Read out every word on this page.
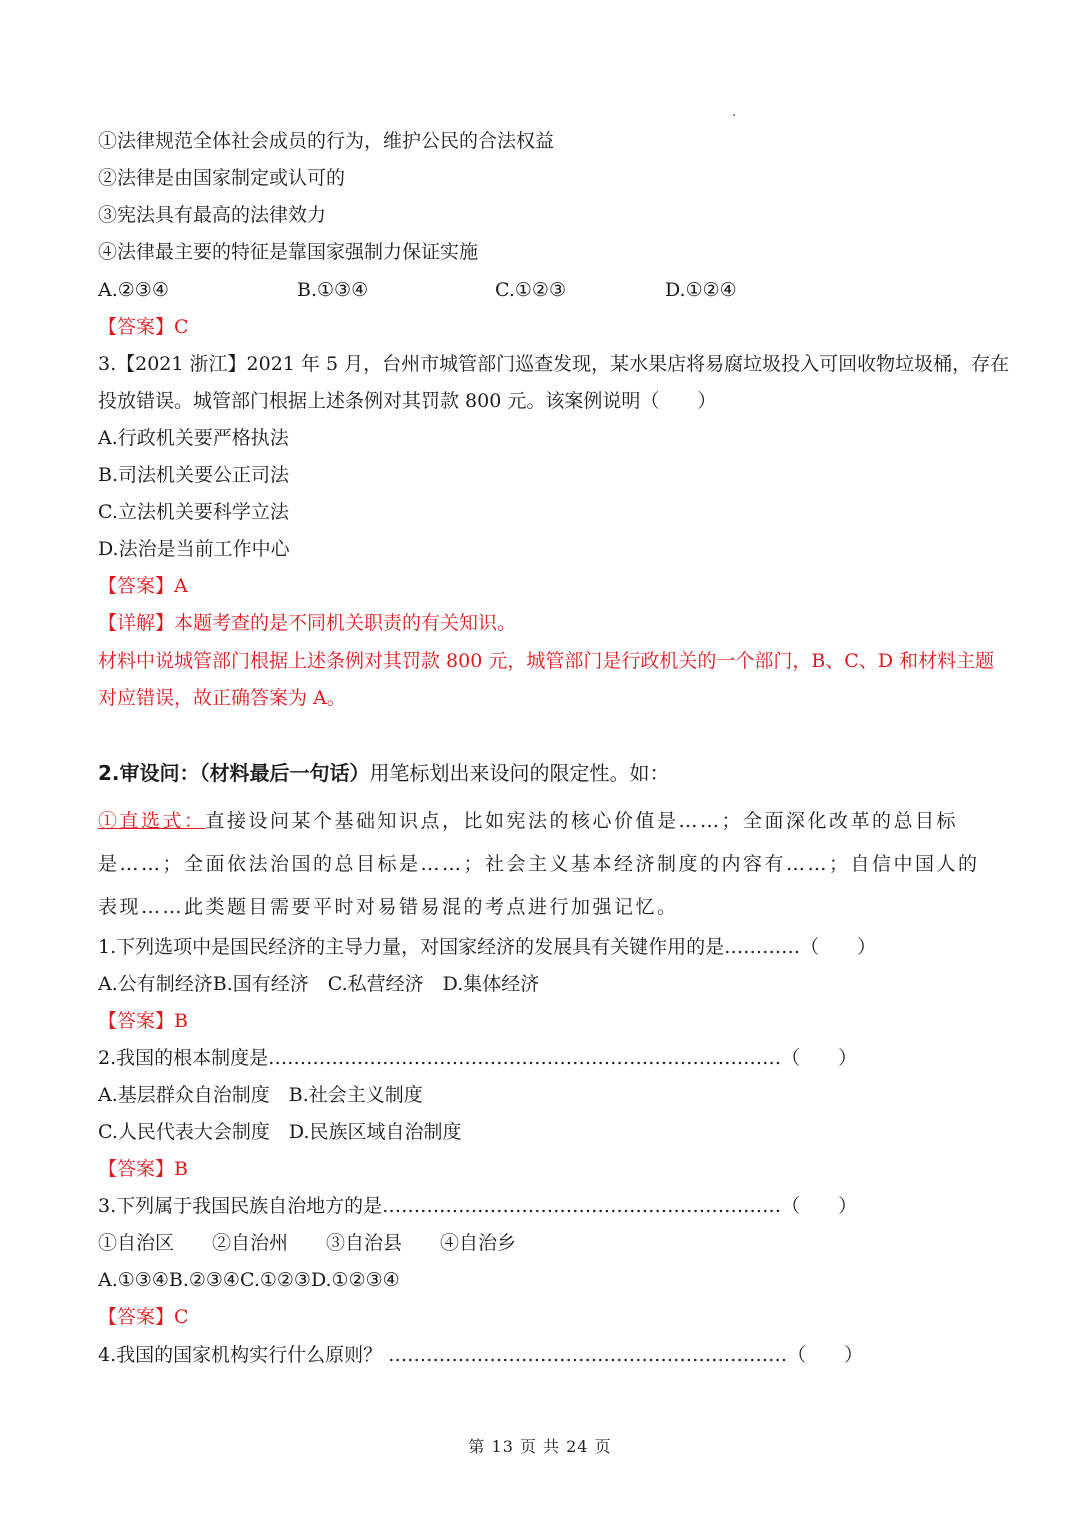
①法律规范全体社会成员的行为，维护公民的合法权益
②法律是由国家制定或认可的
③宪法具有最高的法律效力
④法律最主要的特征是靠国家强制力保证实施
A.②③④	B.①③④	C.①②③	D.①②④
【答案】C
3.【2021 浙江】2021 年 5 月，台州市城管部门巡查发现，某水果店将易腐垃圾投入可回收物垃圾桶，存在
投放错误。城管部门根据上述条例对其罚款 800 元。该案例说明（　　）
A.行政机关要严格执法
B.司法机关要公正司法
C.立法机关要科学立法
D.法治是当前工作中心
【答案】A
【详解】本题考查的是不同机关职责的有关知识。
材料中说城管部门根据上述条例对其罚款 800 元，城管部门是行政机关的一个部门，B、C、D 和材料主题
对应错误，故正确答案为 A。
2.审设问：（材料最后一句话）用笔标划出来设问的限定性。如：
①直选式：直接设问某个基础知识点，比如宪法的核心价值是……；全面深化改革的总目标
是……；全面依法治国的总目标是……；社会主义基本经济制度的内容有……；自信中国人的
表现……此类题目需要平时对易错易混的考点进行加强记忆。
1.下列选项中是国民经济的主导力量，对国家经济的发展具有关键作用的是…………（　　）
A.公有制经济B.国有经济　C.私营经济　D.集体经济
【答案】B
2.我国的根本制度是………………………………………………………………………（　　）
A.基层群众自治制度　B.社会主义制度
C.人民代表大会制度　D.民族区域自治制度
【答案】B
3.下列属于我国民族自治地方的是………………………………………………………（　　）
①自治区　　②自治州　　③自治县　　④自治乡
A.①③④B.②③④C.①②③D.①②③④
【答案】C
4.我国的国家机构实行什么原则？ ………………………………………………………（　　）
第 13 页 共 24 页
